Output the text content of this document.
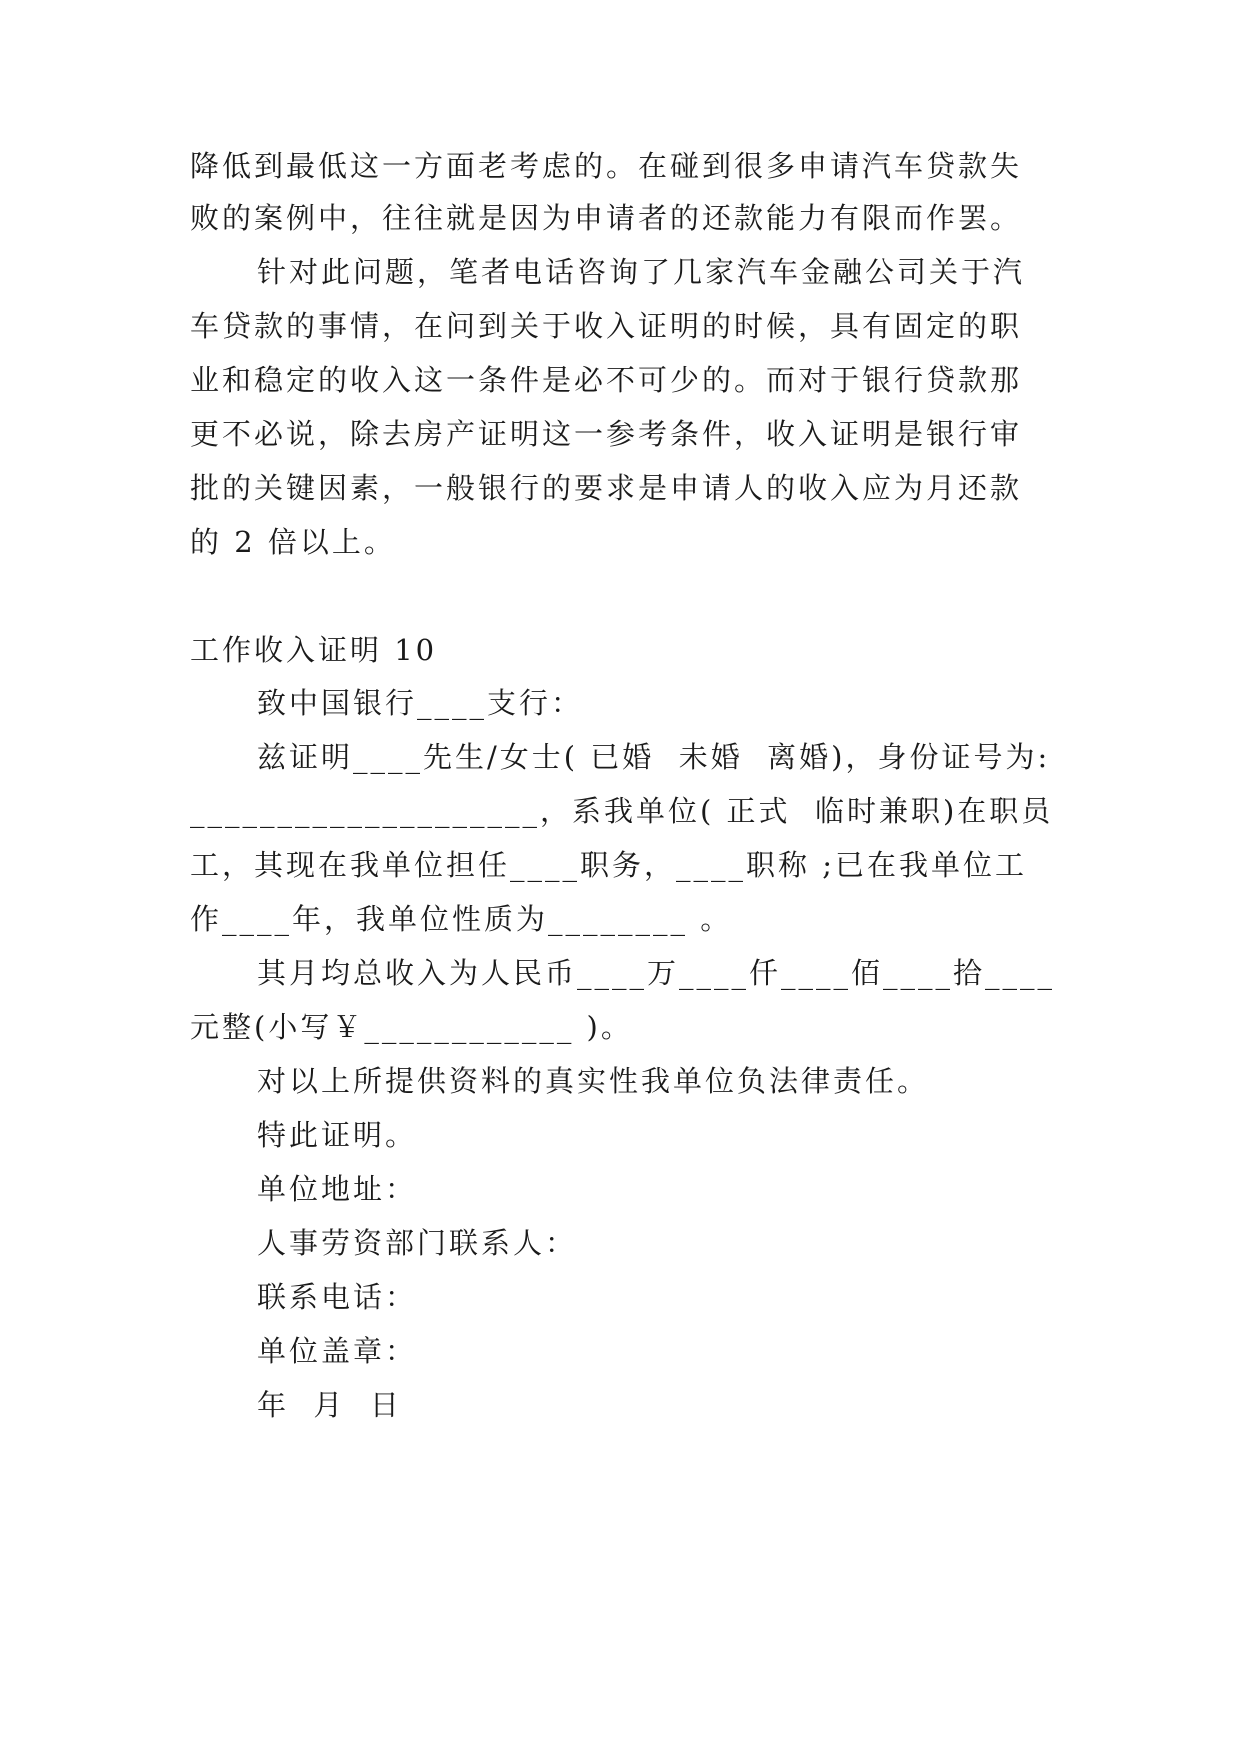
降低到最低这一方面老考虑的。在碰到很多申请汽车贷款失
败的案例中，往往就是因为申请者的还款能力有限而作罢。
针对此问题，笔者电话咨询了几家汽车金融公司关于汽
车贷款的事情，在问到关于收入证明的时候，具有固定的职
业和稳定的收入这一条件是必不可少的。而对于银行贷款那
更不必说，除去房产证明这一参考条件，收入证明是银行审
批的关键因素，一般银行的要求是申请人的收入应为月还款
的 2 倍以上。
工作收入证明 10
致中国银行____支行：
兹证明____先生/女士( 已婚  未婚  离婚)，身份证号为:
____________________，系我单位( 正式  临时兼职)在职员
工，其现在我单位担任____职务，____职称 ;已在我单位工
作____年，我单位性质为________ 。
其月均总收入为人民币____万____仟____佰____拾____
元整(小写￥____________ )。
对以上所提供资料的真实性我单位负法律责任。
特此证明。
单位地址：
人事劳资部门联系人：
联系电话：
单位盖章：
年  月  日
